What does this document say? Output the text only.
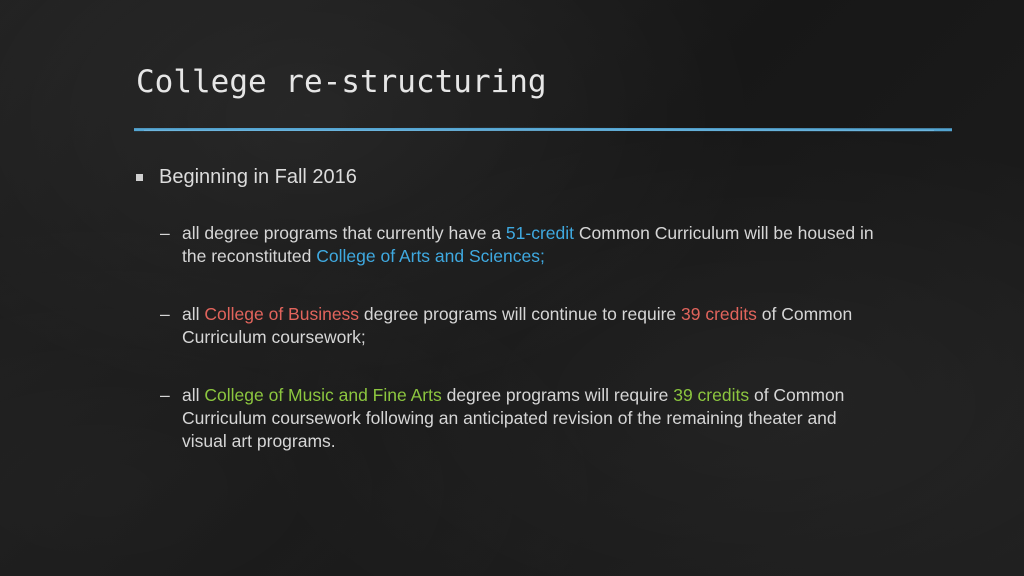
College re-structuring
Beginning in Fall 2016
– all degree programs that currently have a 51-credit Common Curriculum will be housed in the reconstituted College of Arts and Sciences;
– all College of Business degree programs will continue to require 39 credits of Common Curriculum coursework;
– all College of Music and Fine Arts degree programs will require 39 credits of Common Curriculum coursework following an anticipated revision of the remaining theater and visual art programs.
